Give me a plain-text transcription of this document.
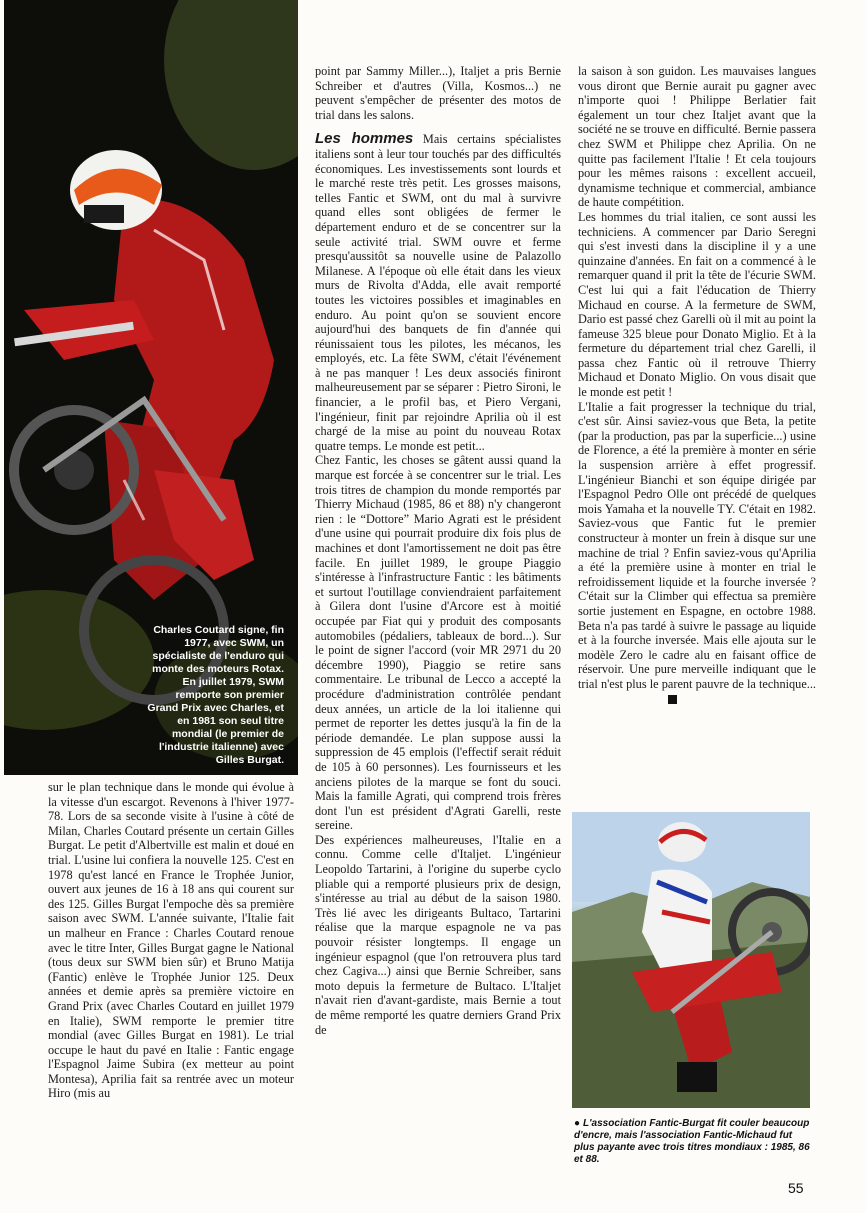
Charles Coutard signe, fin 1977, avec SWM, un spécialiste de l'enduro qui monte des moteurs Rotax. En juillet 1979, SWM remporte son premier Grand Prix avec Charles, et en 1981 son seul titre mondial (le premier de l'industrie italienne) avec Gilles Burgat.

sur le plan technique dans le monde qui évolue à la vitesse d'un escargot. Revenons à l'hiver 1977-78. Lors de sa seconde visite à l'usine à côté de Milan, Charles Coutard présente un certain Gilles Burgat. Le petit d'Albertville est malin et doué en trial. L'usine lui confiera la nouvelle 125. C'est en 1978 qu'est lancé en France le Trophée Junior, ouvert aux jeunes de 16 à 18 ans qui courent sur des 125. Gilles Burgat l'empoche dès sa première saison avec SWM. L'année suivante, l'Italie fait un malheur en France : Charles Coutard renoue avec le titre Inter, Gilles Burgat gagne le National (tous deux sur SWM bien sûr) et Bruno Matija (Fantic) enlève le Trophée Junior 125. Deux années et demie après sa première victoire en Grand Prix (avec Charles Coutard en juillet 1979 en Italie), SWM remporte le premier titre mondial (avec Gilles Burgat en 1981). Le trial occupe le haut du pavé en Italie : Fantic engage l'Espagnol Jaime Subira (ex metteur au point Montesa), Aprilia fait sa rentrée avec un moteur Hiro (mis au

point par Sammy Miller...), Italjet a pris Bernie Schreiber et d'autres (Villa, Kosmos...) ne peuvent s'empêcher de présenter des motos de trial dans les salons.

Les hommes Mais certains spécialistes italiens sont à leur tour touchés par des difficultés économiques. Les investissements sont lourds et le marché reste très petit. Les grosses maisons, telles Fantic et SWM, ont du mal à survivre quand elles sont obligées de fermer le département enduro et de se concentrer sur la seule activité trial. SWM ouvre et ferme presqu'aussitôt sa nouvelle usine de Palazollo Milanese. A l'époque où elle était dans les vieux murs de Rivolta d'Adda, elle avait remporté toutes les victoires possibles et imaginables en enduro. Au point qu'on se souvient encore aujourd'hui des banquets de fin d'année qui réunissaient tous les pilotes, les mécanos, les employés, etc. La fête SWM, c'était l'événement à ne pas manquer ! Les deux associés finiront malheureusement par se séparer : Pietro Sironi, le financier, a le profil bas, et Piero Vergani, l'ingénieur, finit par rejoindre Aprilia où il est chargé de la mise au point du nouveau Rotax quatre temps. Le monde est petit...

Chez Fantic, les choses se gâtent aussi quand la marque est forcée à se concentrer sur le trial. Les trois titres de champion du monde remportés par Thierry Michaud (1985, 86 et 88) n'y changeront rien : le “Dottore” Mario Agrati est le président d'une usine qui pourrait produire dix fois plus de machines et dont l'amortissement ne doit pas être facile. En juillet 1989, le groupe Piaggio s'intéresse à l'infrastructure Fantic : les bâtiments et surtout l'outillage conviendraient parfaitement à Gilera dont l'usine d'Arcore est à moitié occupée par Fiat qui y produit des composants automobiles (pédaliers, tableaux de bord...). Sur le point de signer l'accord (voir MR 2971 du 20 décembre 1990), Piaggio se retire sans commentaire. Le tribunal de Lecco a accepté la procédure d'administration contrôlée pendant deux années, un article de la loi italienne qui permet de reporter les dettes jusqu'à la fin de la période demandée. Le plan suppose aussi la suppression de 45 emplois (l'effectif serait réduit de 105 à 60 personnes). Les fournisseurs et les anciens pilotes de la marque se font du souci. Mais la famille Agrati, qui comprend trois frères dont l'un est président d'Agrati Garelli, reste sereine.

Des expériences malheureuses, l'Italie en a connu. Comme celle d'Italjet. L'ingénieur Leopoldo Tartarini, à l'origine du superbe cyclo pliable qui a remporté plusieurs prix de design, s'intéresse au trial au début de la saison 1980. Très lié avec les dirigeants Bultaco, Tartarini réalise que la marque espagnole ne va pas pouvoir résister longtemps. Il engage un ingénieur espagnol (que l'on retrouvera plus tard chez Cagiva...) ainsi que Bernie Schreiber, sans moto depuis la fermeture de Bultaco. L'Italjet n'avait rien d'avant-gardiste, mais Bernie a tout de même remporté les quatre derniers Grand Prix de

la saison à son guidon. Les mauvaises langues vous diront que Bernie aurait pu gagner avec n'importe quoi ! Philippe Berlatier fait également un tour chez Italjet avant que la société ne se trouve en difficulté. Bernie passera chez SWM et Philippe chez Aprilia. On ne quitte pas facilement l'Italie ! Et cela toujours pour les mêmes raisons : excellent accueil, dynamisme technique et commercial, ambiance de haute compétition.

Les hommes du trial italien, ce sont aussi les techniciens. A commencer par Dario Seregni qui s'est investi dans la discipline il y a une quinzaine d'années. En fait on a commencé à le remarquer quand il prit la tête de l'écurie SWM. C'est lui qui a fait l'éducation de Thierry Michaud en course. A la fermeture de SWM, Dario est passé chez Garelli où il mit au point la fameuse 325 bleue pour Donato Miglio. Et à la fermeture du département trial chez Garelli, il passa chez Fantic où il retrouve Thierry Michaud et Donato Miglio. On vous disait que le monde est petit !

L'Italie a fait progresser la technique du trial, c'est sûr. Ainsi saviez-vous que Beta, la petite (par la production, pas par la superficie...) usine de Florence, a été la première à monter en série la suspension arrière à effet progressif. L'ingénieur Bianchi et son équipe dirigée par l'Espagnol Pedro Olle ont précédé de quelques mois Yamaha et la nouvelle TY. C'était en 1982. Saviez-vous que Fantic fut le premier constructeur à monter un frein à disque sur une machine de trial ? Enfin saviez-vous qu'Aprilia a été la première usine à monter en trial le refroidissement liquide et la fourche inversée ? C'était sur la Climber qui effectua sa première sortie justement en Espagne, en octobre 1988. Beta n'a pas tardé à suivre le passage au liquide et à la fourche inversée. Mais elle ajouta sur le modèle Zero le cadre alu en faisant office de réservoir. Une pure merveille indiquant que le trial n'est plus le parent pauvre de la technique...

● L'association Fantic-Burgat fit couler beaucoup d'encre, mais l'association Fantic-Michaud fut plus payante avec trois titres mondiaux : 1985, 86 et 88.
55
